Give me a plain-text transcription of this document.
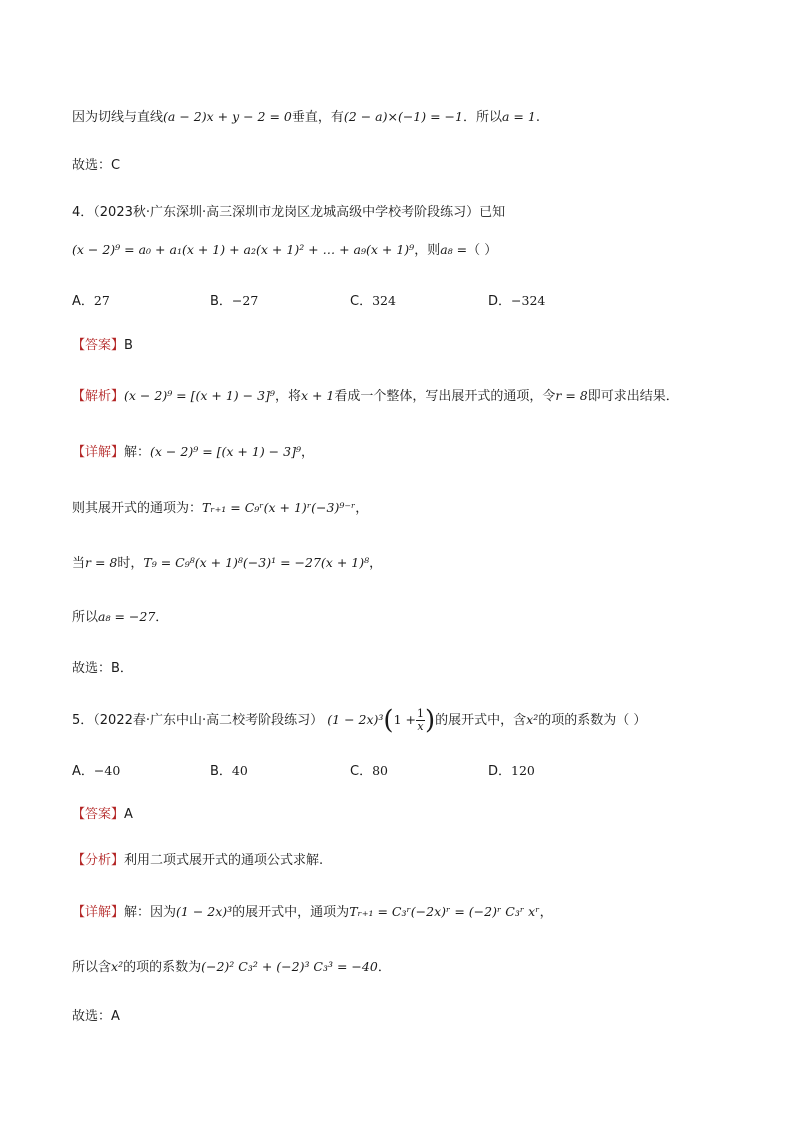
因为切线与直线(a − 2)x + y − 2 = 0垂直，有(2 − a)×(−1) = −1．所以a = 1.
故选：C
4．（2023秋·广东深圳·高三深圳市龙岗区龙城高级中学校考阶段练习）已知
(x − 2)⁹ = a₀ + a₁(x + 1) + a₂(x + 1)² + … + a₉(x + 1)⁹，则a₈ =（ ）
A．27	B．−27	C．324	D．−324
【答案】B
【解析】(x − 2)⁹ = [(x + 1) − 3]⁹，将x + 1看成一个整体，写出展开式的通项，令r = 8即可求出结果．
【详解】解：(x − 2)⁹ = [(x + 1) − 3]⁹，
则其展开式的通项为：Tᵣ₊₁ = C₉ʳ(x + 1)ʳ(−3)⁹⁻ʳ，
当r = 8时，T₉ = C₉⁸(x + 1)⁸(−3)¹ = −27(x + 1)⁸，
所以a₈ = −27．
故选：B．
5．（2022春·广东中山·高二校考阶段练习） $(1 - 2x)^3(1 + \frac{1}{x}$ )的展开式中，含x²的项的系数为（ ）
A．−40	B．40	C．80	D．120
【答案】A
【分析】利用二项式展开式的通项公式求解.
【详解】解：因为(1 − 2x)³的展开式中，通项为Tᵣ₊₁ = C₃ʳ(−2x)ʳ = (−2)ʳ C₃ʳ xʳ，
所以含x²的项的系数为(−2)² C₃² + (−2)³ C₃³ = −40．
故选：A
